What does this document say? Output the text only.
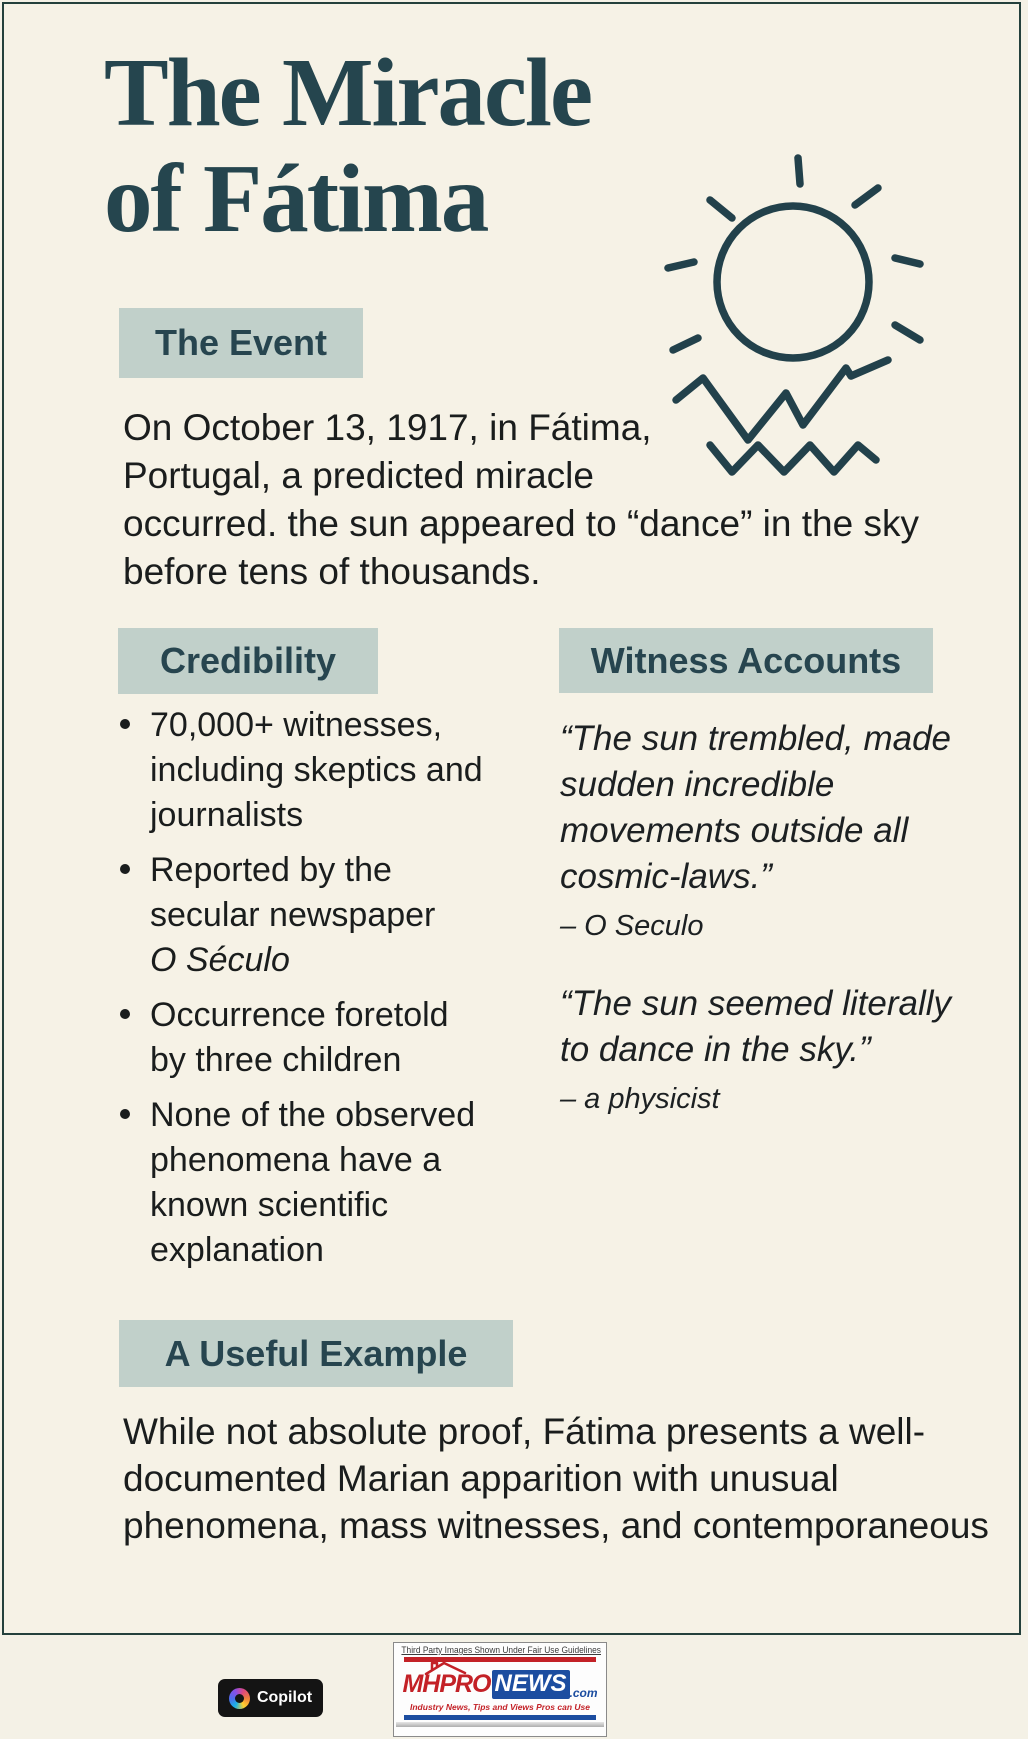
The Miracle
of Fátima
The Event
On October 13, 1917, in Fátima,
Portugal, a predicted miracle
occurred. the sun appeared to “dance” in the sky
before tens of thousands.
Credibility
70,000+ witnesses, including skeptics and journalists
Reported by the secular newspaper
O Século
Occurrence foretold by three children
None of the observed phenomena have a known scientific explanation
Witness Accounts
“The sun trembled, made sudden incredible movements outside all cosmic-laws.”
– O Seculo
“The sun seemed literally to dance in the sky.”
– a physicist
A Useful Example
While not absolute proof, Fátima presents a well-
documented Marian apparition with unusual
phenomena, mass witnesses, and contemporaneous
Copilot
Third Party Images Shown Under Fair Use Guidelines
MHPRO NEWS .com
Industry News, Tips and Views Pros can Use
